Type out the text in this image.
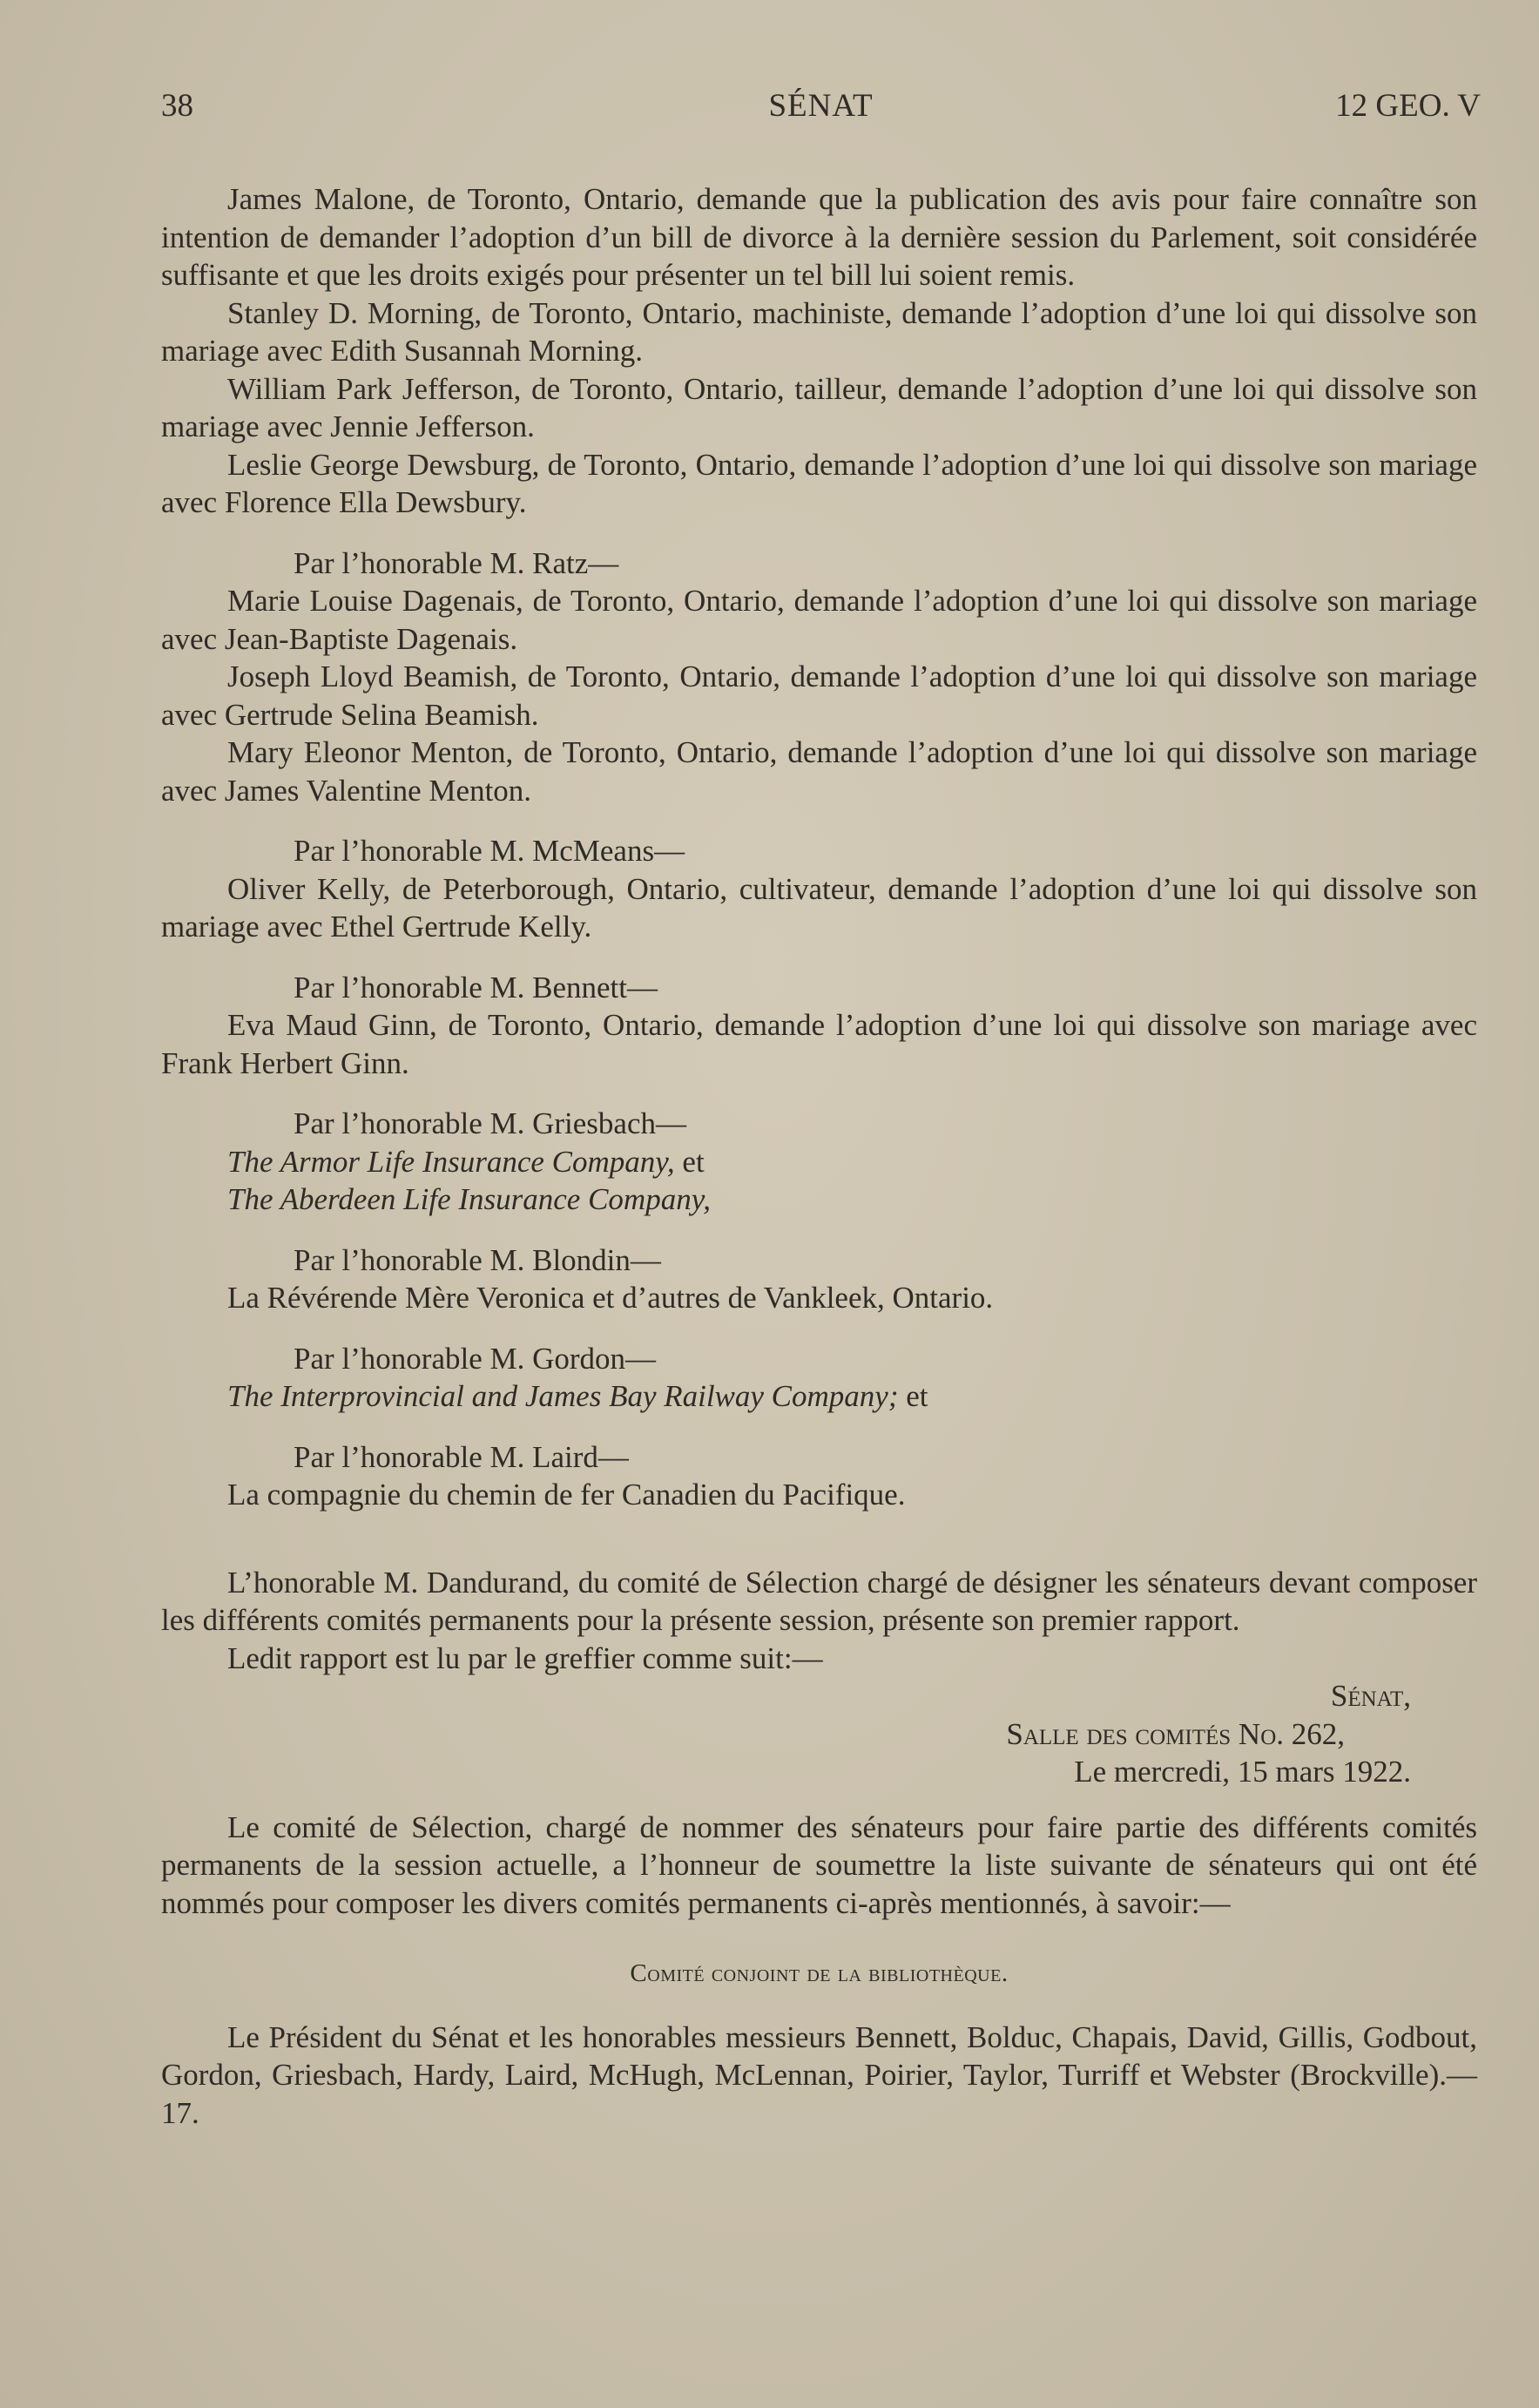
SÉNAT
38	12 GEO. V

James Malone, de Toronto, Ontario, demande que la publication des avis pour faire connaître son intention de demander l’adoption d’un bill de divorce à la dernière session du Parlement, soit considérée suffisante et que les droits exigés pour présenter un tel bill lui soient remis.

Stanley D. Morning, de Toronto, Ontario, machiniste, demande l’adoption d’une loi qui dissolve son mariage avec Edith Susannah Morning.

William Park Jefferson, de Toronto, Ontario, tailleur, demande l’adoption d’une loi qui dissolve son mariage avec Jennie Jefferson.

Leslie George Dewsburg, de Toronto, Ontario, demande l’adoption d’une loi qui dissolve son mariage avec Florence Ella Dewsbury.

Par l’honorable M. Ratz—

Marie Louise Dagenais, de Toronto, Ontario, demande l’adoption d’une loi qui dissolve son mariage avec Jean-Baptiste Dagenais.

Joseph Lloyd Beamish, de Toronto, Ontario, demande l’adoption d’une loi qui dissolve son mariage avec Gertrude Selina Beamish.

Mary Eleonor Menton, de Toronto, Ontario, demande l’adoption d’une loi qui dissolve son mariage avec James Valentine Menton.

Par l’honorable M. McMeans—

Oliver Kelly, de Peterborough, Ontario, cultivateur, demande l’adoption d’une loi qui dissolve son mariage avec Ethel Gertrude Kelly.

Par l’honorable M. Bennett—

Eva Maud Ginn, de Toronto, Ontario, demande l’adoption d’une loi qui dissolve son mariage avec Frank Herbert Ginn.

Par l’honorable M. Griesbach—

The Armor Life Insurance Company, et

The Aberdeen Life Insurance Company,

Par l’honorable M. Blondin—

La Révérende Mère Veronica et d’autres de Vankleek, Ontario.

Par l’honorable M. Gordon—

The Interprovincial and James Bay Railway Company; et

Par l’honorable M. Laird—

La compagnie du chemin de fer Canadien du Pacifique.

L’honorable M. Dandurand, du comité de Sélection chargé de désigner les sénateurs devant composer les différents comités permanents pour la présente session, présente son premier rapport.

Ledit rapport est lu par le greffier comme suit:—

Sénat,

Salle des comités No. 262,

Le mercredi, 15 mars 1922.

Le comité de Sélection, chargé de nommer des sénateurs pour faire partie des différents comités permanents de la session actuelle, a l’honneur de soumettre la liste suivante de sénateurs qui ont été nommés pour composer les divers comités permanents ci-après mentionnés, à savoir:—

Comité conjoint de la bibliothèque.

Le Président du Sénat et les honorables messieurs Bennett, Bolduc, Chapais, David, Gillis, Godbout, Gordon, Griesbach, Hardy, Laird, McHugh, McLennan, Poirier, Taylor, Turriff et Webster (Brockville).—17.
